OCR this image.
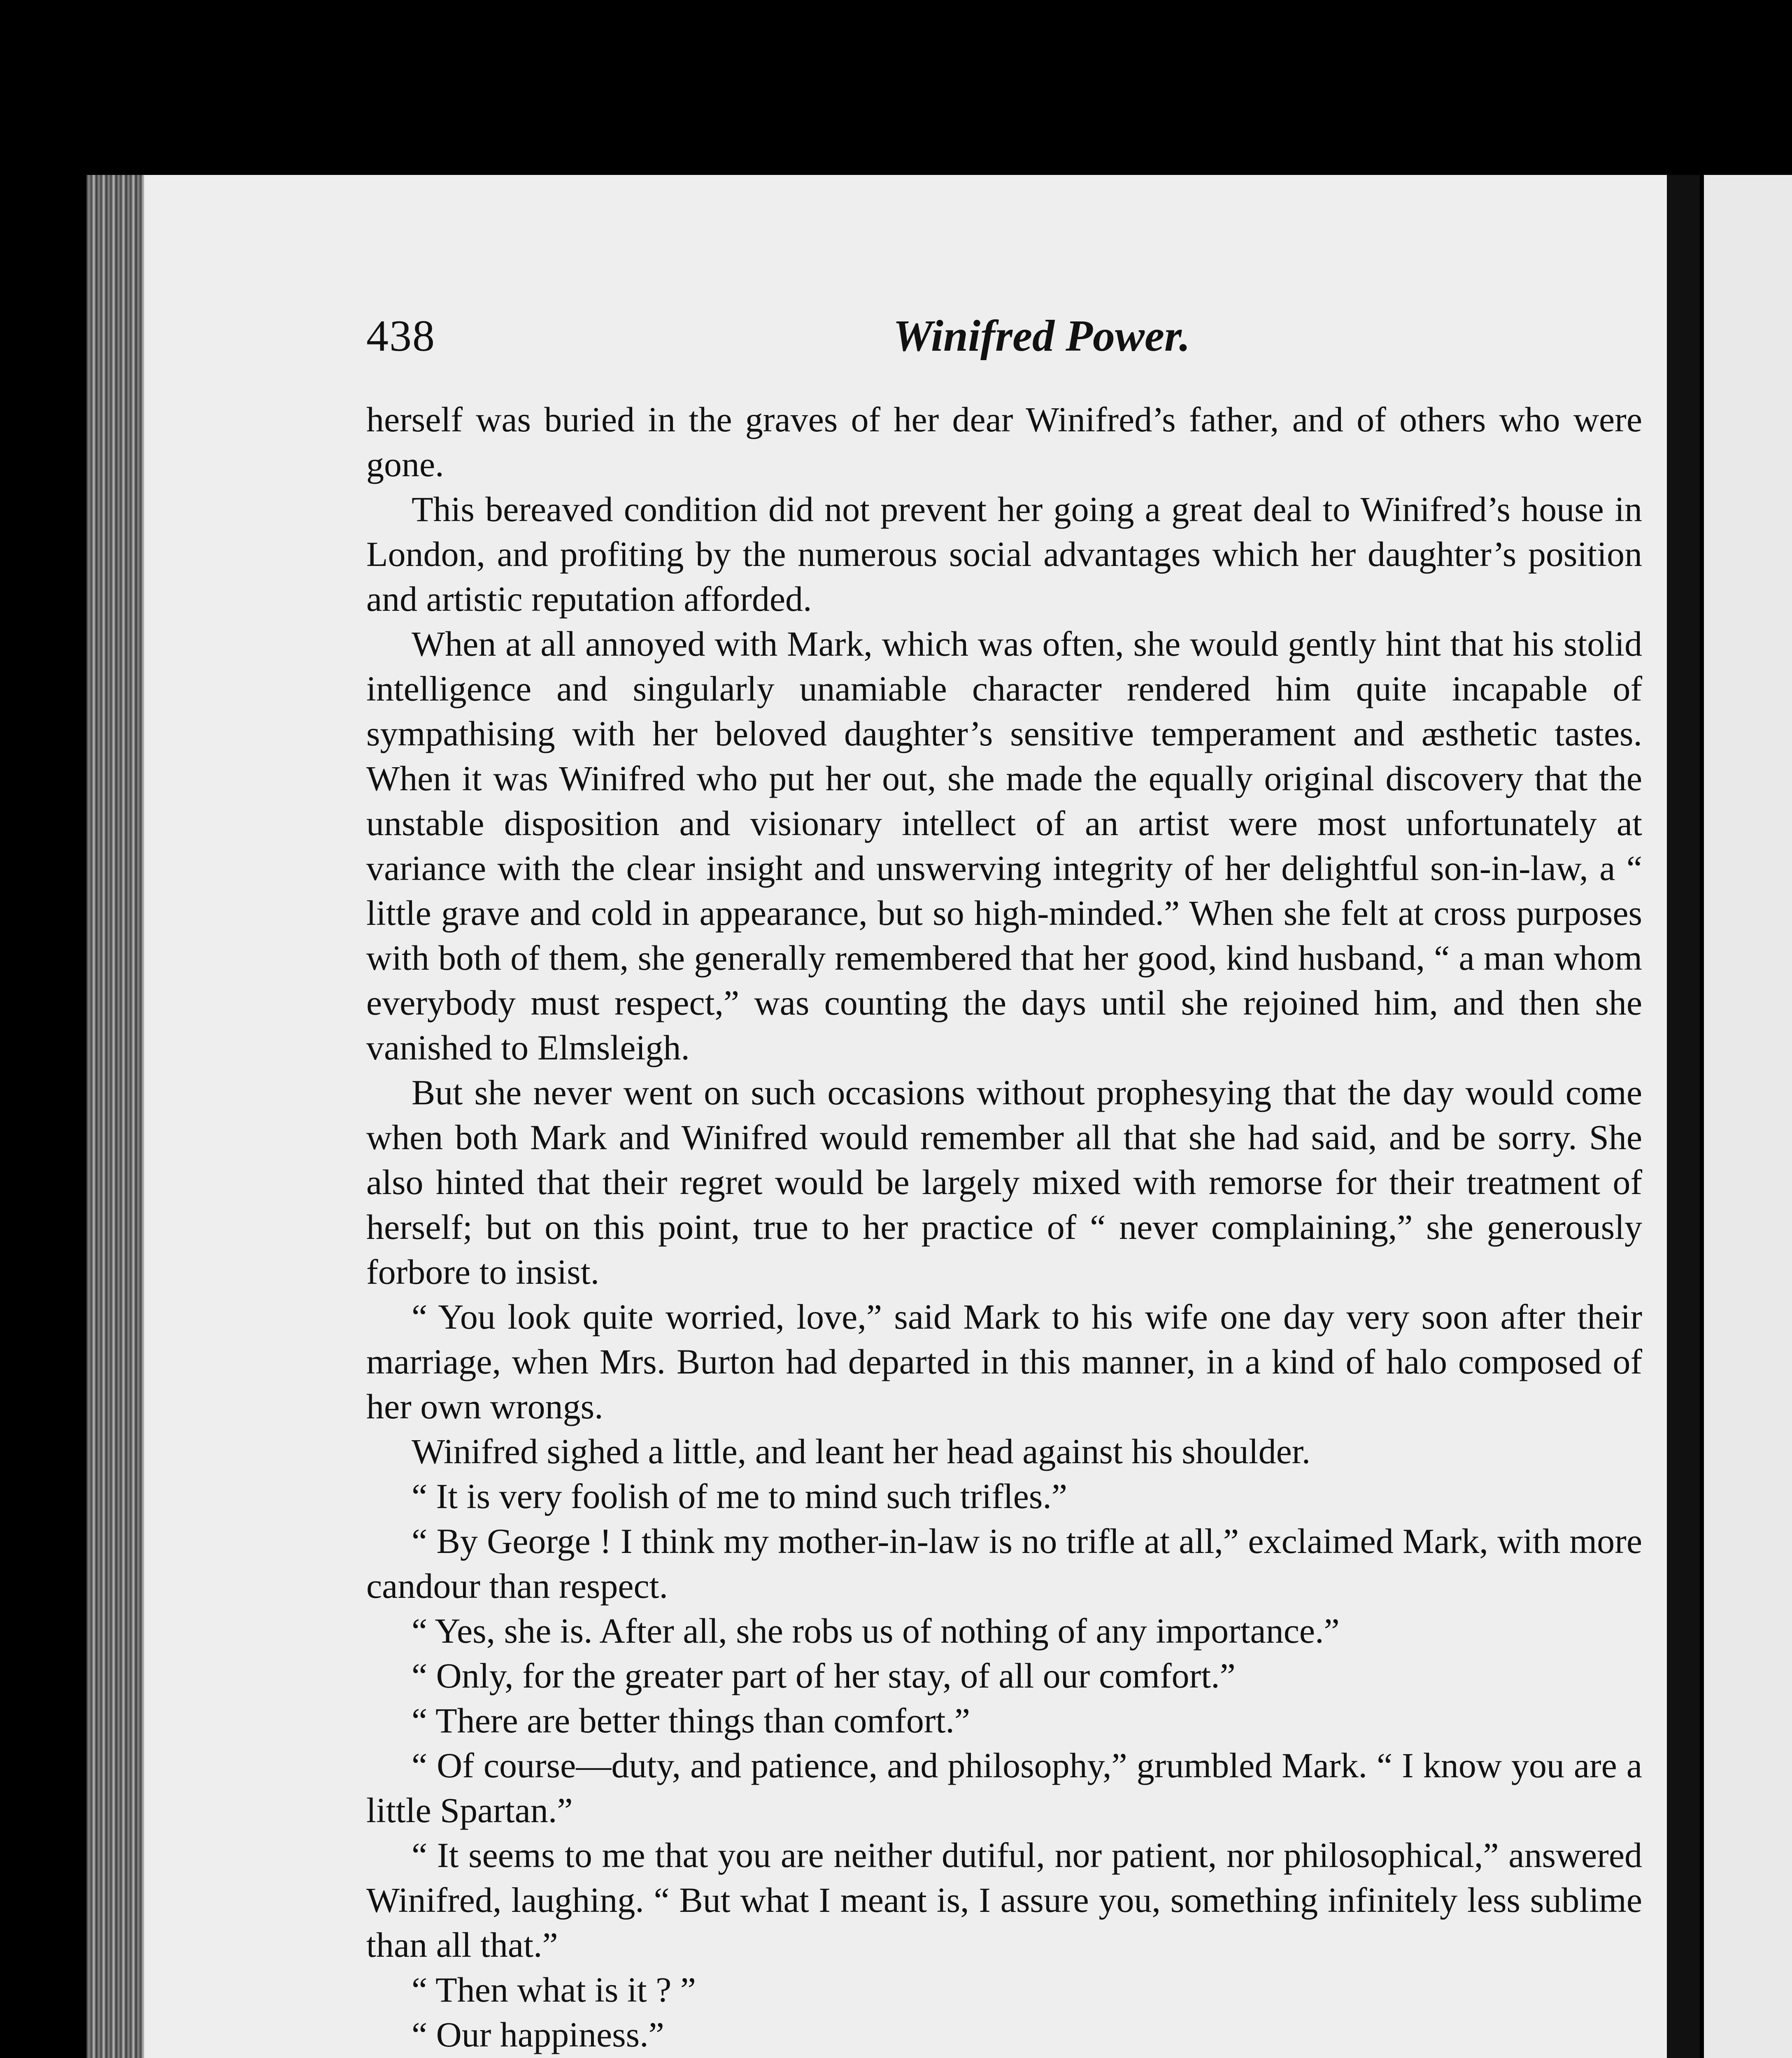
438	Winifred Power.

herself was buried in the graves of her dear Winifred’s father, and of others who were gone.

This bereaved condition did not prevent her going a great deal to Winifred’s house in London, and profiting by the numerous social advantages which her daughter’s position and artistic reputation afforded.

When at all annoyed with Mark, which was often, she would gently hint that his stolid intelligence and singularly unamiable character rendered him quite incapable of sympathising with her beloved daughter’s sensitive temperament and æsthetic tastes. When it was Winifred who put her out, she made the equally original discovery that the unstable disposition and visionary intellect of an artist were most unfortunately at variance with the clear insight and unswerving integrity of her delightful son-in-law, a “ little grave and cold in appearance, but so high-minded.” When she felt at cross purposes with both of them, she generally remembered that her good, kind husband, “ a man whom everybody must respect,” was counting the days until she rejoined him, and then she vanished to Elmsleigh.

But she never went on such occasions without prophesying that the day would come when both Mark and Winifred would remember all that she had said, and be sorry. She also hinted that their regret would be largely mixed with remorse for their treatment of herself; but on this point, true to her practice of “ never complaining,” she generously forbore to insist.

“ You look quite worried, love,” said Mark to his wife one day very soon after their marriage, when Mrs. Burton had departed in this manner, in a kind of halo composed of her own wrongs.

Winifred sighed a little, and leant her head against his shoulder.

“ It is very foolish of me to mind such trifles.”

“ By George ! I think my mother-in-law is no trifle at all,” exclaimed Mark, with more candour than respect.

“ Yes, she is. After all, she robs us of nothing of any importance.”

“ Only, for the greater part of her stay, of all our comfort.”

“ There are better things than comfort.”

“ Of course—duty, and patience, and philosophy,” grumbled Mark. “ I know you are a little Spartan.”

“ It seems to me that you are neither dutiful, nor patient, nor philosophical,” answered Winifred, laughing. “ But what I meant is, I assure you, something infinitely less sublime than all that.”

“ Then what is it ? ”

“ Our happiness.”
